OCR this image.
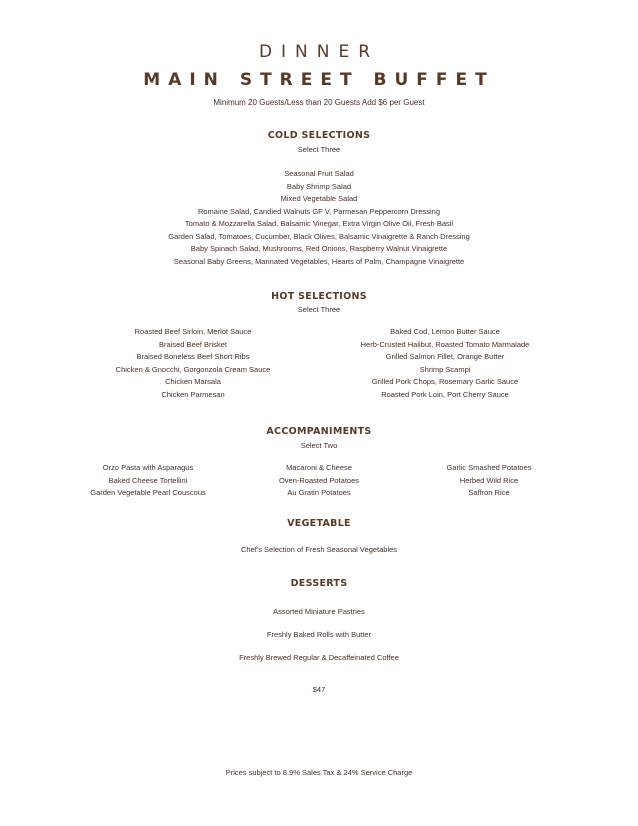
DINNER
MAIN STREET BUFFET
Minimum 20 Guests/Less than 20 Guests Add $6 per Guest
COLD SELECTIONS
Select Three
Seasonal Fruit Salad
Baby Shrimp Salad
Mixed Vegetable Salad
Romaine Salad, Candied Walnuts GF V, Parmesan Peppercorn Dressing
Tomato & Mozzarella Salad, Balsamic Vinegar, Extra Virgin Olive Oil, Fresh Basil
Garden Salad, Tomatoes, Cucumber, Black Olives, Balsamic Vinaigrette & Ranch Dressing
Baby Spinach Salad, Mushrooms, Red Onions, Raspberry Walnut Vinaigrette
Seasonal Baby Greens, Marinated Vegetables, Hearts of Palm, Champagne Vinaigrette
HOT SELECTIONS
Select Three
Roasted Beef Sirloin, Merlot Sauce
Braised Beef Brisket
Braised Boneless Beef Short Ribs
Chicken & Gnocchi, Gorgonzola Cream Sauce
Chicken Marsala
Chicken Parmesan
Baked Cod, Lemon Butter Sauce
Herb-Crusted Halibut, Roasted Tomato Marmalade
Grilled Salmon Fillet, Orange Butter
Shrimp Scampi
Grilled Pork Chops, Rosemary Garlic Sauce
Roasted Pork Loin, Port Cherry Sauce
ACCOMPANIMENTS
Select Two
Orzo Pasta with Asparagus
Baked Cheese Tortellini
Garden Vegetable Pearl Couscous
Macaroni & Cheese
Oven-Roasted Potatoes
Au Gratin Potatoes
Garlic Smashed Potatoes
Herbed Wild Rice
Saffron Rice
VEGETABLE
Chef's Selection of Fresh Seasonal Vegetables
DESSERTS
Assorted Miniature Pastries
Freshly Baked Rolls with Butter
Freshly Brewed Regular & Decaffeinated Coffee
$47
Prices subject to 8.9% Sales Tax & 24% Service Charge
